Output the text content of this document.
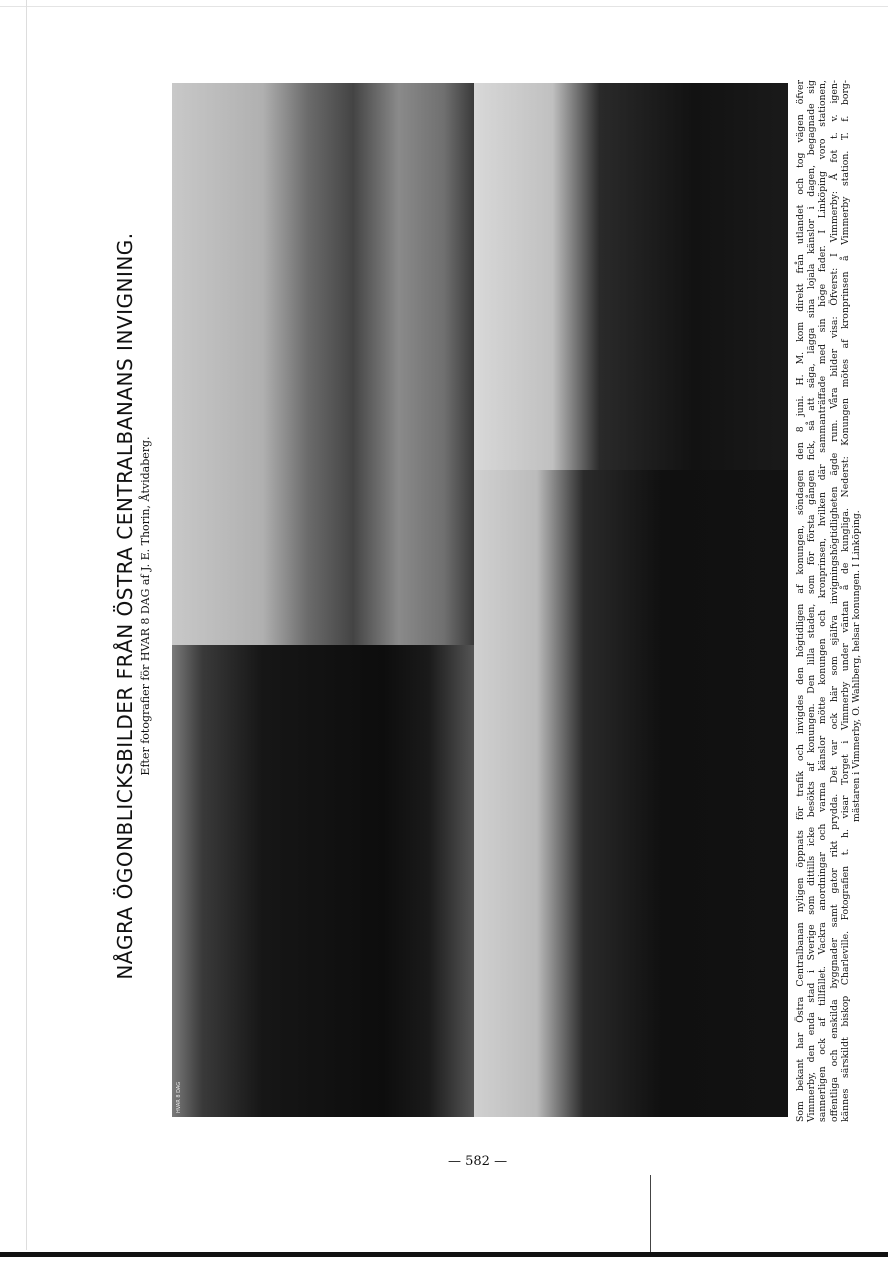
NÅGRA ÖGONBLICKSBILDER FRÅN ÖSTRA CENTRALBANANS INVIGNING. Efter fotografier för HVAR 8 DAG af J. E. Thorin, Åtvidaberg.
HVAR 8 DAG	Som bekant har Östra Centralbanan nyligen öppnats för trafik och invigdes den högtidligen af konungen, söndagen den 8 juni. H. M. kom direkt från utlandet och tog vägen öfver Vimmerby, den enda stad i Sverige som dittills icke besökts af konungen. Den lilla staden, som för första gången fick, så att säga, lägga sina lojala känslor i dagen, begagnade sig sannerligen ock af tillfället. Vackra anordningar och varma känslor mötte konungen och kronprinsen, hvilken där sammanträffade med sin höge fader. I Linköping voro stationen, offentliga och enskilda byggnader samt gator rikt prydda. Det var ock här som själfva invigningshögtidligheten ägde rum. Våra bilder visa: Öfverst: I Vimmerby: Å fot t. v. igen- kännes särskildt biskop Charleville. Fotografien t. h. visar Torget i Vimmerby under väntan å de kungliga. Nederst: Konungen mötes af kronprinsen å Vimmerby station. T. f. borg- mästaren i Vimmerby, O. Wahlberg, helsar konungen. I Linköping.
— 582 —
